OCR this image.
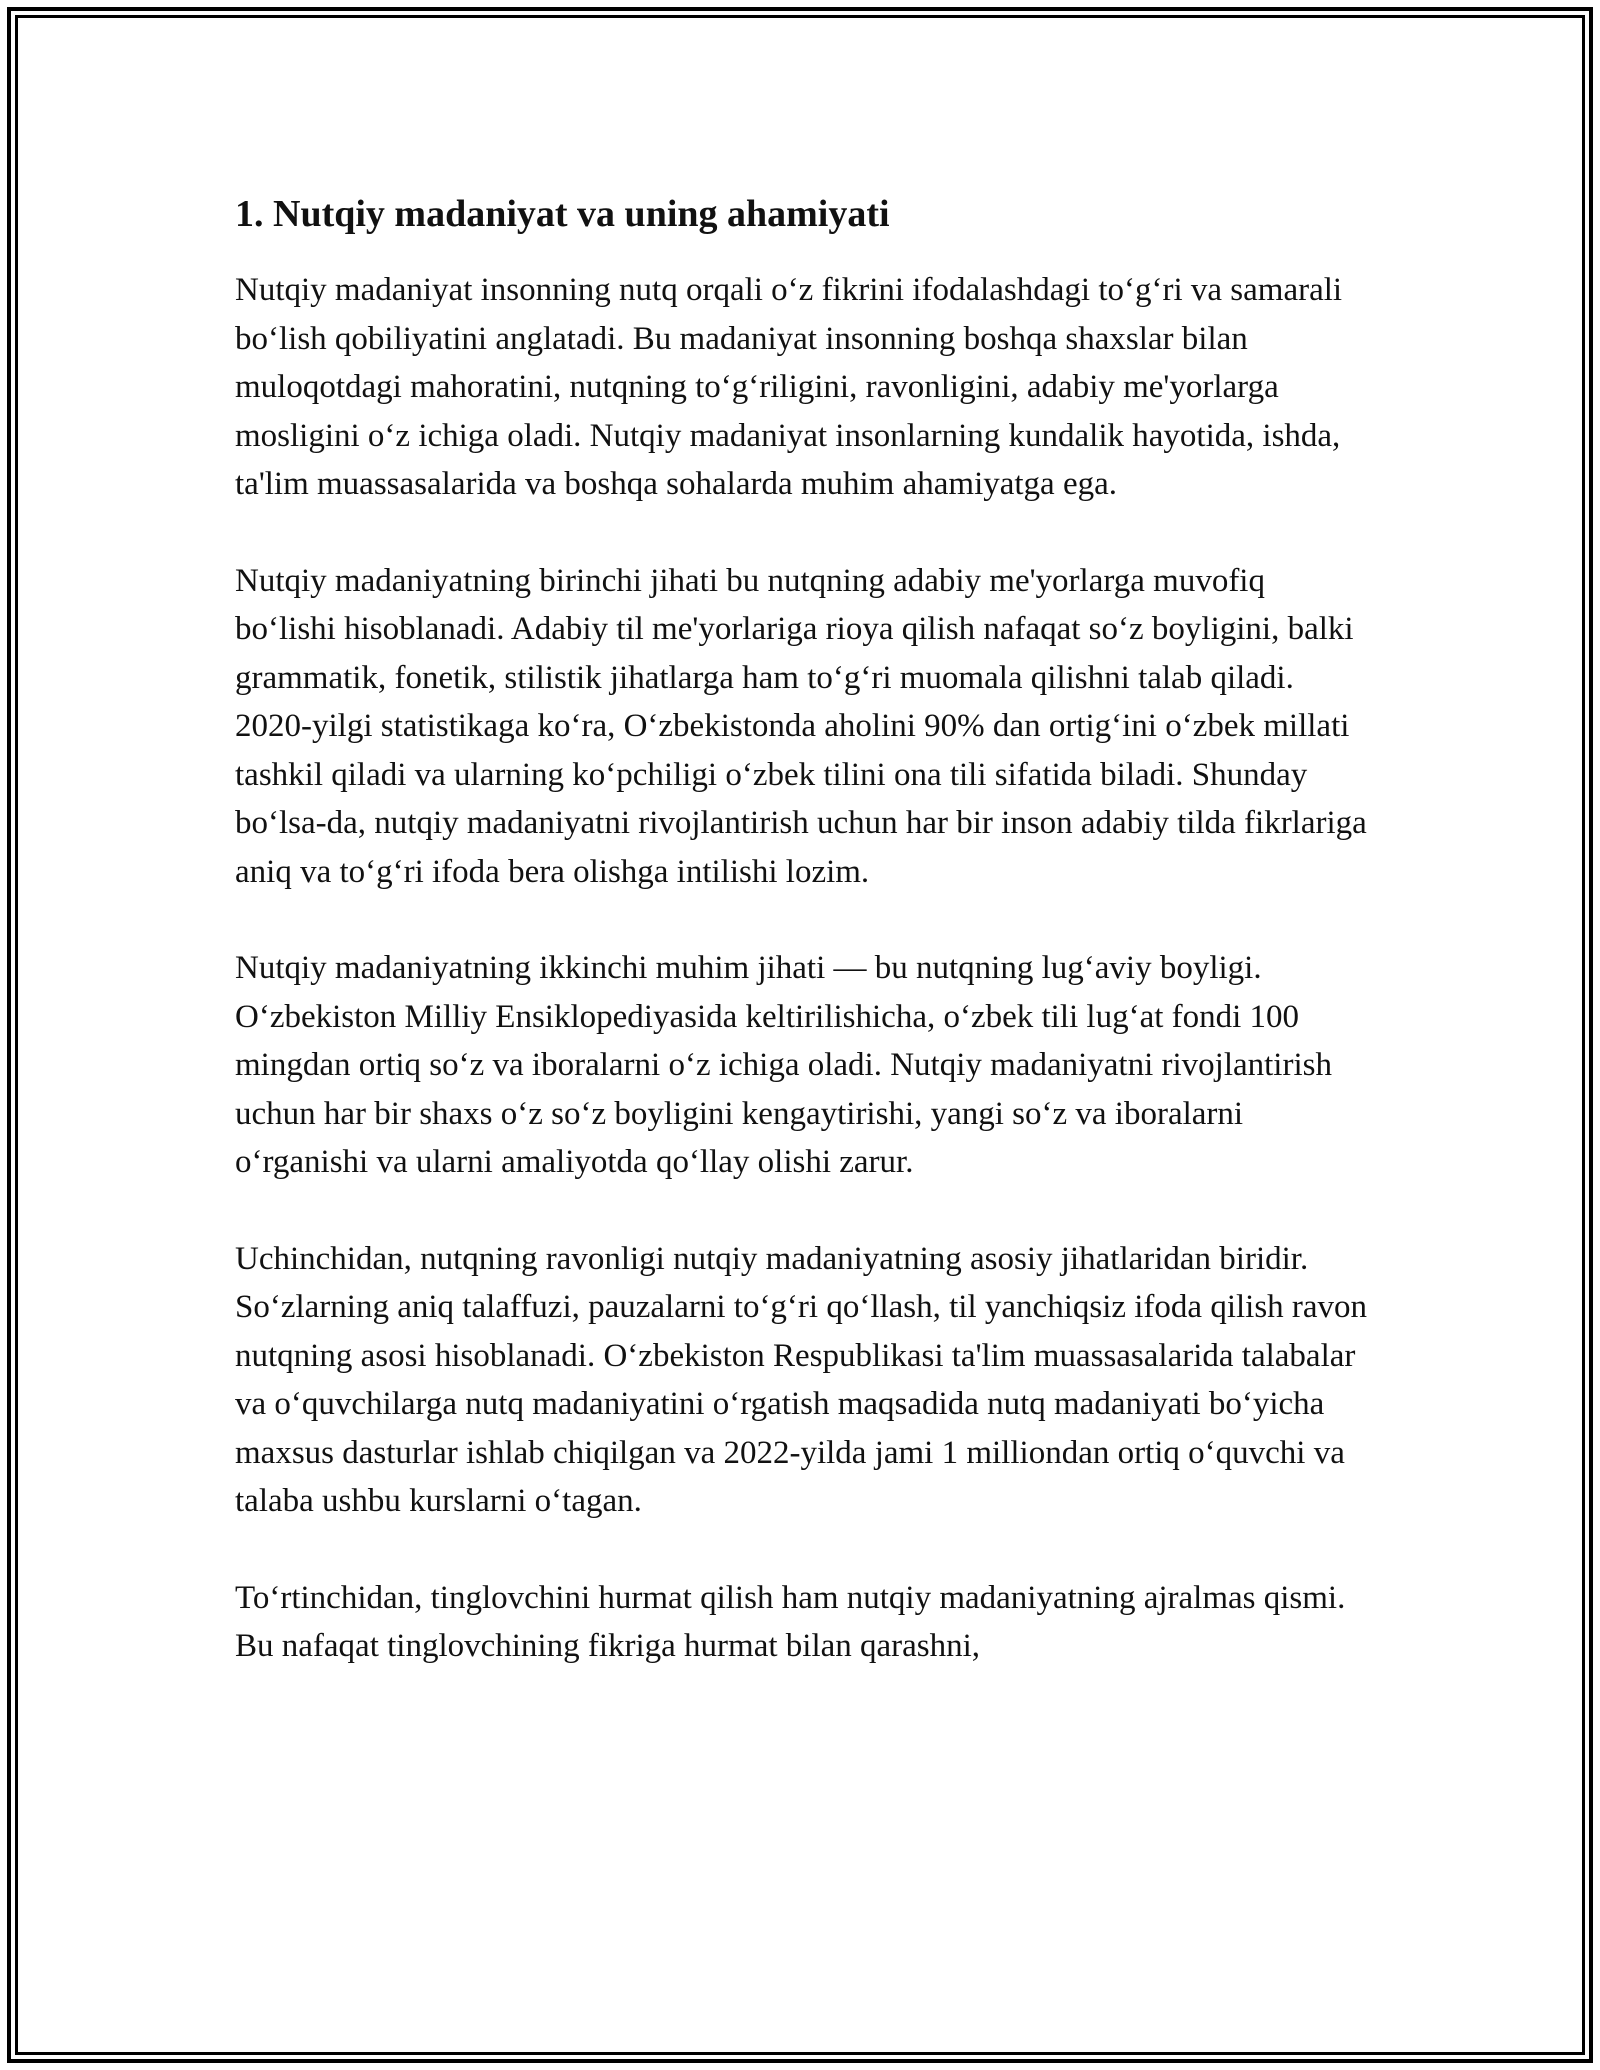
1. Nutqiy madaniyat va uning ahamiyati

Nutqiy madaniyat insonning nutq orqali o‘z fikrini ifodalashdagi to‘g‘ri va samarali bo‘lish qobiliyatini anglatadi. Bu madaniyat insonning boshqa shaxslar bilan muloqotdagi mahoratini, nutqning to‘g‘riligini, ravonligini, adabiy me'yorlarga mosligini o‘z ichiga oladi. Nutqiy madaniyat insonlarning kundalik hayotida, ishda, ta'lim muassasalarida va boshqa sohalarda muhim ahamiyatga ega.

Nutqiy madaniyatning birinchi jihati bu nutqning adabiy me'yorlarga muvofiq bo‘lishi hisoblanadi. Adabiy til me'yorlariga rioya qilish nafaqat so‘z boyligini, balki grammatik, fonetik, stilistik jihatlarga ham to‘g‘ri muomala qilishni talab qiladi. 2020-yilgi statistikaga ko‘ra, O‘zbekistonda aholini 90% dan ortig‘ini o‘zbek millati tashkil qiladi va ularning ko‘pchiligi o‘zbek tilini ona tili sifatida biladi. Shunday bo‘lsa-da, nutqiy madaniyatni rivojlantirish uchun har bir inson adabiy tilda fikrlariga aniq va to‘g‘ri ifoda bera olishga intilishi lozim.

Nutqiy madaniyatning ikkinchi muhim jihati — bu nutqning lug‘aviy boyligi. O‘zbekiston Milliy Ensiklopediyasida keltirilishicha, o‘zbek tili lug‘at fondi 100 mingdan ortiq so‘z va iboralarni o‘z ichiga oladi. Nutqiy madaniyatni rivojlantirish uchun har bir shaxs o‘z so‘z boyligini kengaytirishi, yangi so‘z va iboralarni o‘rganishi va ularni amaliyotda qo‘llay olishi zarur.

Uchinchidan, nutqning ravonligi nutqiy madaniyatning asosiy jihatlaridan biridir. So‘zlarning aniq talaffuzi, pauzalarni to‘g‘ri qo‘llash, til yanchiqsiz ifoda qilish ravon nutqning asosi hisoblanadi. O‘zbekiston Respublikasi ta'lim muassasalarida talabalar va o‘quvchilarga nutq madaniyatini o‘rgatish maqsadida nutq madaniyati bo‘yicha maxsus dasturlar ishlab chiqilgan va 2022-yilda jami 1 milliondan ortiq o‘quvchi va talaba ushbu kurslarni o‘tagan.

To‘rtinchidan, tinglovchini hurmat qilish ham nutqiy madaniyatning ajralmas qismi. Bu nafaqat tinglovchining fikriga hurmat bilan qarashni,
